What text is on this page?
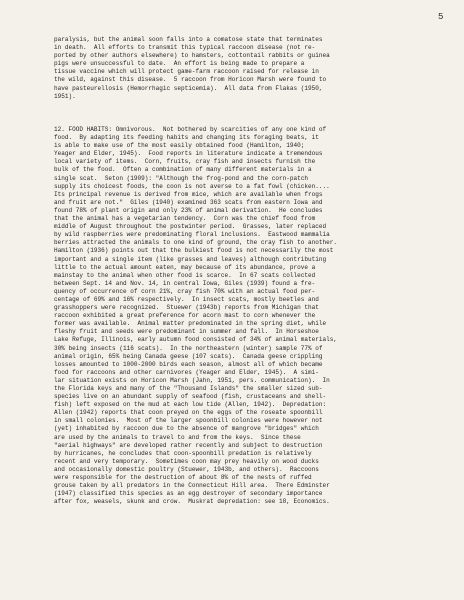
5
paralysis, but the animal soon falls into a comatose state that terminates
in death.  All efforts to transmit this typical raccoon disease (not re-
ported by other authors elsewhere) to hamsters, cottontail rabbits or guinea
pigs were unsuccessful to date.  An effort is being made to prepare a
tissue vaccine which will protect game-farm raccoon raised for release in
the wild, against this disease.  5 raccoon from Horicon Marsh were found to
have pasteurellosis (Hemorrhagic septicemia).  All data from Flakas (1950,
1951).
12. FOOD HABITS: Omnivorous.  Not bothered by scarcities of any one kind of
food.  By adapting its feeding habits and changing its foraging beats, it
is able to make use of the most easily obtained food (Hamilton, 1940;
Yeager and Elder, 1945).  Food reports in literature indicate a tremendous
local variety of items.  Corn, fruits, cray fish and insects furnish the
bulk of the food.  Often a combination of many different materials in a
single scat.  Seton (1909): "Although the frog-pond and the corn-patch
supply its choicest foods, the coon is not averse to a fat fowl (chicken....
Its principal revenue is derived from mice, which are available when frogs
and fruit are not."  Giles (1940) examined 363 scats from eastern Iowa and
found 78% of plant origin and only 23% of animal derivation.  He concludes
that the animal has a vegetarian tendency.  Corn was the chief food from
middle of August throughout the postwinter period.  Grasses, later replaced
by wild raspberries were predominating floral inclusions.  Eastwood mammalia
berries attracted the animals to one kind of ground, the cray fish to another.
Hamilton (1936) points out that the bulkiest food is not necessarily the most
important and a single item (like grasses and leaves) although contributing
little to the actual amount eaten, may because of its abundance, prove a
mainstay to the animal when other food is scarce.  In 67 scats collected
between Sept. 14 and Nov. 14, in central Iowa, Giles (1939) found a fre-
quency of occurrence of corn 21%, cray fish 70% with an actual food per-
centage of 69% and 16% respectively.  In insect scats, mostly beetles and
grasshoppers were recognized.  Stuewer (1943b) reports from Michigan that
raccoon exhibited a great preference for acorn mast to corn whenever the
former was available.  Animal matter predominated in the spring diet, while
fleshy fruit and seeds were predominant in summer and fall.  In Horseshoe
Lake Refuge, Illinois, early autumn food consisted of 34% of animal materials,
30% being insects (116 scats).  In the northeastern (winter) sample 77% of
animal origin, 65% being Canada geese (107 scats).  Canada geese crippling
losses amounted to 1000-2000 birds each season, almost all of which became
food for raccoons and other carnivores (Yeager and Elder, 1945).  A simi-
lar situation exists on Horicon Marsh (Jahn, 1951, pers. communication).  In
the Florida keys and many of the "Thousand Islands" the smaller sized sub-
species live on an abundant supply of seafood (fish, crustaceans and shell-
fish) left exposed on the mud at each low tide (Allen, 1942).  Depredation:
Allen (1942) reports that coon preyed on the eggs of the roseate spoonbill
in small colonies.  Most of the larger spoonbill colonies were however not
(yet) inhabited by raccoon due to the absence of mangrove "bridges" which
are used by the animals to travel to and from the keys.  Since these
"aerial highways" are developed rather recently and subject to destruction
by hurricanes, he concludes that coon-spoonbill predation is relatively
recent and very temporary.  Sometimes coon may prey heavily on wood ducks
and occasionally domestic poultry (Stuewer, 1943b, and others).  Raccoons
were responsible for the destruction of about 8% of the nests of ruffed
grouse taken by all predators in the Connecticut Hill area.  There Edminster
(1947) classified this species as an egg destroyer of secondary importance
after fox, weasels, skunk and crow.  Muskrat depredation: see 18, Economics.
